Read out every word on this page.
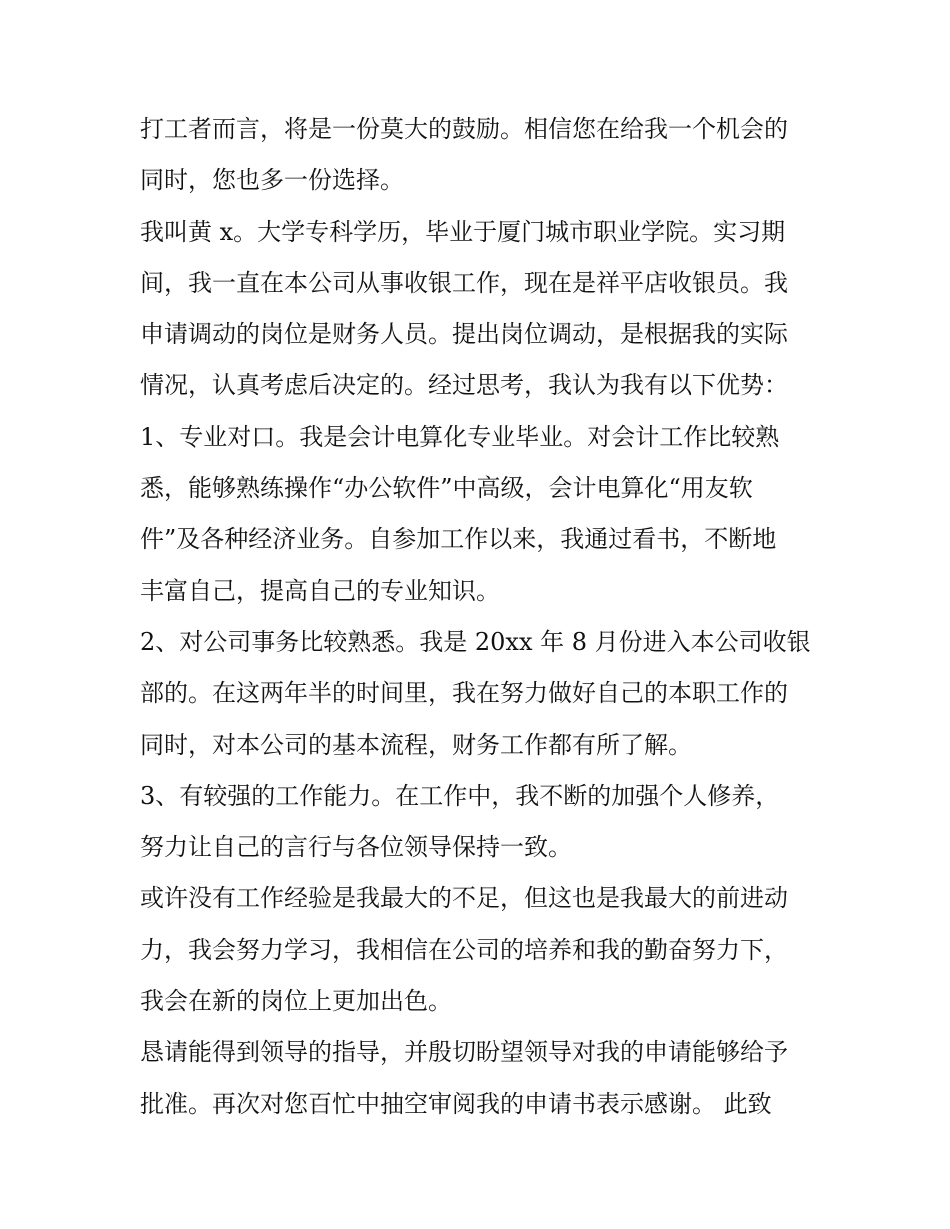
打工者而言，将是一份莫大的鼓励。相信您在给我一个机会的
同时，您也多一份选择。
我叫黄 x。大学专科学历，毕业于厦门城市职业学院。实习期
间，我一直在本公司从事收银工作，现在是祥平店收银员。我
申请调动的岗位是财务人员。提出岗位调动，是根据我的实际
情况，认真考虑后决定的。经过思考，我认为我有以下优势：
1、专业对口。我是会计电算化专业毕业。对会计工作比较熟
悉，能够熟练操作“办公软件”中高级，会计电算化“用友软
件”及各种经济业务。自参加工作以来，我通过看书，不断地
丰富自己，提高自己的专业知识。
2、对公司事务比较熟悉。我是 20xx 年 8 月份进入本公司收银
部的。在这两年半的时间里，我在努力做好自己的本职工作的
同时，对本公司的基本流程，财务工作都有所了解。
3、有较强的工作能力。在工作中，我不断的加强个人修养，
努力让自己的言行与各位领导保持一致。
或许没有工作经验是我最大的不足，但这也是我最大的前进动
力，我会努力学习，我相信在公司的培养和我的勤奋努力下，
我会在新的岗位上更加出色。
恳请能得到领导的指导，并殷切盼望领导对我的申请能够给予
批准。再次对您百忙中抽空审阅我的申请书表示感谢。 此致
